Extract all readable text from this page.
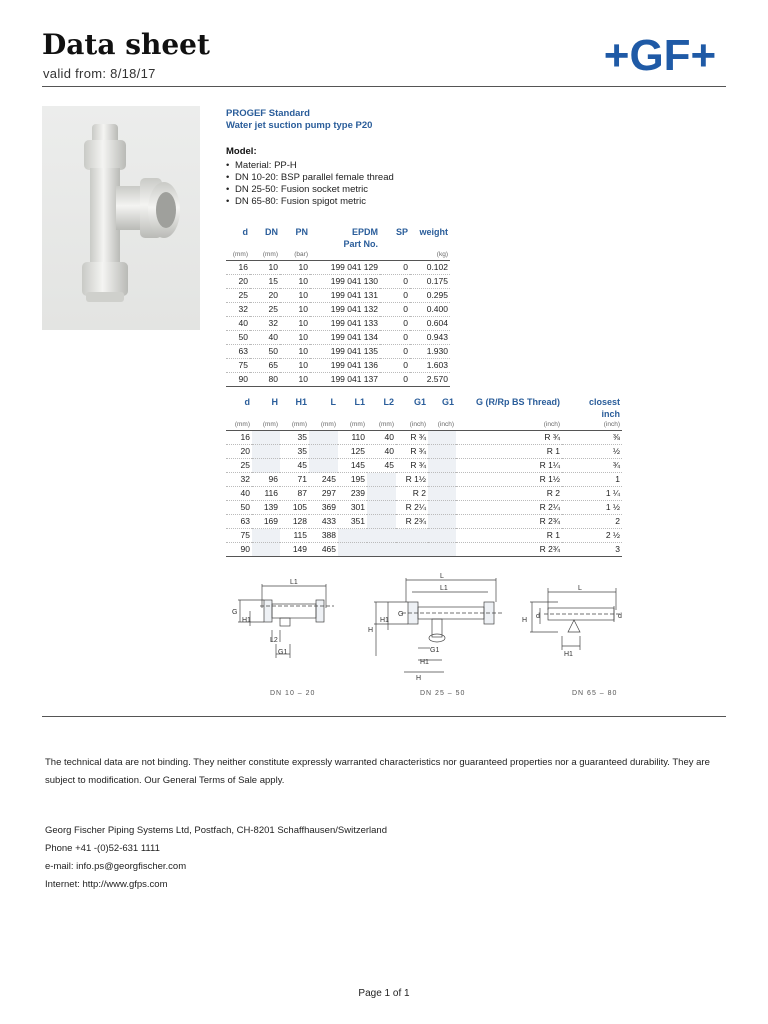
Data sheet
valid from: 8/18/17	+GF+
PROGEF Standard
Water jet suction pump type P20
Model:
• Material: PP-H
• DN 10-20: BSP parallel female thread
• DN 25-50: Fusion socket metric
• DN 65-80: Fusion spigot metric
d	DN	PN	EPDM	SP	weight
			Part No.		
(mm)	(mm)	(bar)			(kg)
16	10	10	199 041 129	0	0.102
20	15	10	199 041 130	0	0.175
25	20	10	199 041 131	0	0.295
32	25	10	199 041 132	0	0.400
40	32	10	199 041 133	0	0.604
50	40	10	199 041 134	0	0.943
63	50	10	199 041 135	0	1.930
75	65	10	199 041 136	0	1.603
90	80	10	199 041 137	0	2.570
d	H	H1	L	L1	L2	G1	G1	G (R/Rp BS Thread)	closest
									inch
(mm)	(mm)	(mm)	(mm)	(mm)	(mm)	(inch)	(inch)	(inch)	(inch)
16		35		110	40	R ¾		R ¾	⅜
20		35		125	40	R ¾		R 1	½
25		45		145	45	R ¾		R 1¼	¾
32	96	71	245	195		R 1½		R 1½	1
40	116	87	297	239		R 2		R 2	1 ¼
50	139	105	369	301		R 2¼		R 2¼	1 ½
63	169	128	433	351		R 2¾		R 2¾	2
75		115	388					R 1	2 ½
90		149	465					R 2¾	3
L1
G
H1
L2
G1
DN 10 – 20
L
L1
H
H1
G
G1
H1
H
DN 25 – 50
L
H
d	d
H1
DN 65 – 80

The technical data are not binding. They neither constitute expressly warranted characteristics nor guaranteed properties nor a guaranteed durability. They are subject to modification. Our General Terms of Sale apply.

Georg Fischer Piping Systems Ltd, Postfach, CH-8201 Schaffhausen/Switzerland
Phone +41 -(0)52-631 1111
e-mail: info.ps@georgfischer.com
Internet: http://www.gfps.com
Page 1 of 1
